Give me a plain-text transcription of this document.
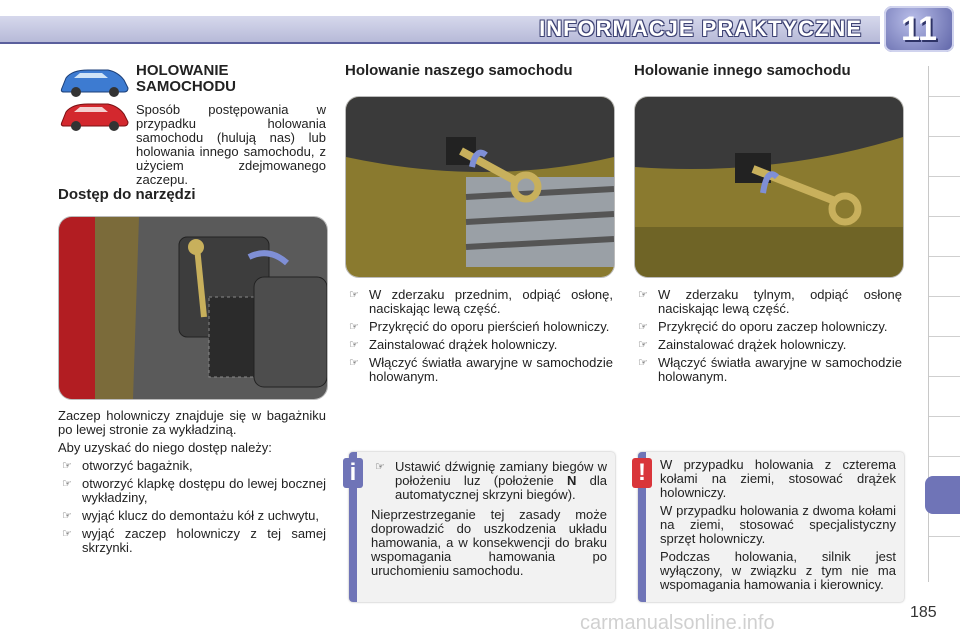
INFORMACJE PRAKTYCZNE	11
HOLOWANIE
SAMOCHODU

Sposób postępowania w przypadku holowania samochodu (hulują nas) lub holowania innego samochodu, z użyciem zdejmowanego zaczepu.

Dostęp do narzędzi

Zaczep holowniczy znajduje się w bagażniku po lewej stronie za wykładziną.

Aby uzyskać do niego dostęp należy:

☞ otworzyć bagażnik,
☞ otworzyć klapkę dostępu do lewej bocznej wykładziny,
☞ wyjąć klucz do demontażu kół z uchwytu,
☞ wyjąć zaczep holowniczy z tej samej skrzynki.
Holowanie naszego samochodu
☞ W zderzaku przednim, odpiąć osłonę, naciskając lewą część.
☞ Przykręcić do oporu pierścień holowniczy.
☞ Zainstalować drążek holowniczy.
☞ Włączyć światła awaryjne w samochodzie holowanym.
Holowanie innego samochodu
☞ W zderzaku tylnym, odpiąć osłonę naciskając lewą część.
☞ Przykręcić do oporu zaczep holowniczy.
☞ Zainstalować drążek holowniczy.
☞ Włączyć światła awaryjne w samochodzie holowanym.
i	☞ Ustawić dźwignię zamiany biegów w położeniu luz (położenie N dla automatycznej skrzyni biegów).

Nieprzestrzeganie tej zasady może doprowadzić do uszkodzenia układu hamowania, a w konsekwencji do braku wspomagania hamowania po uruchomieniu samochodu.

!	W przypadku holowania z czterema kołami na ziemi, stosować drążek holowniczy.

W przypadku holowania z dwoma kołami na ziemi, stosować specjalistyczny sprzęt holowniczy.

Podczas holowania, silnik jest wyłączony, w związku z tym nie ma wspomagania hamowania i kierownicy.

185
carmanualsonline.info
